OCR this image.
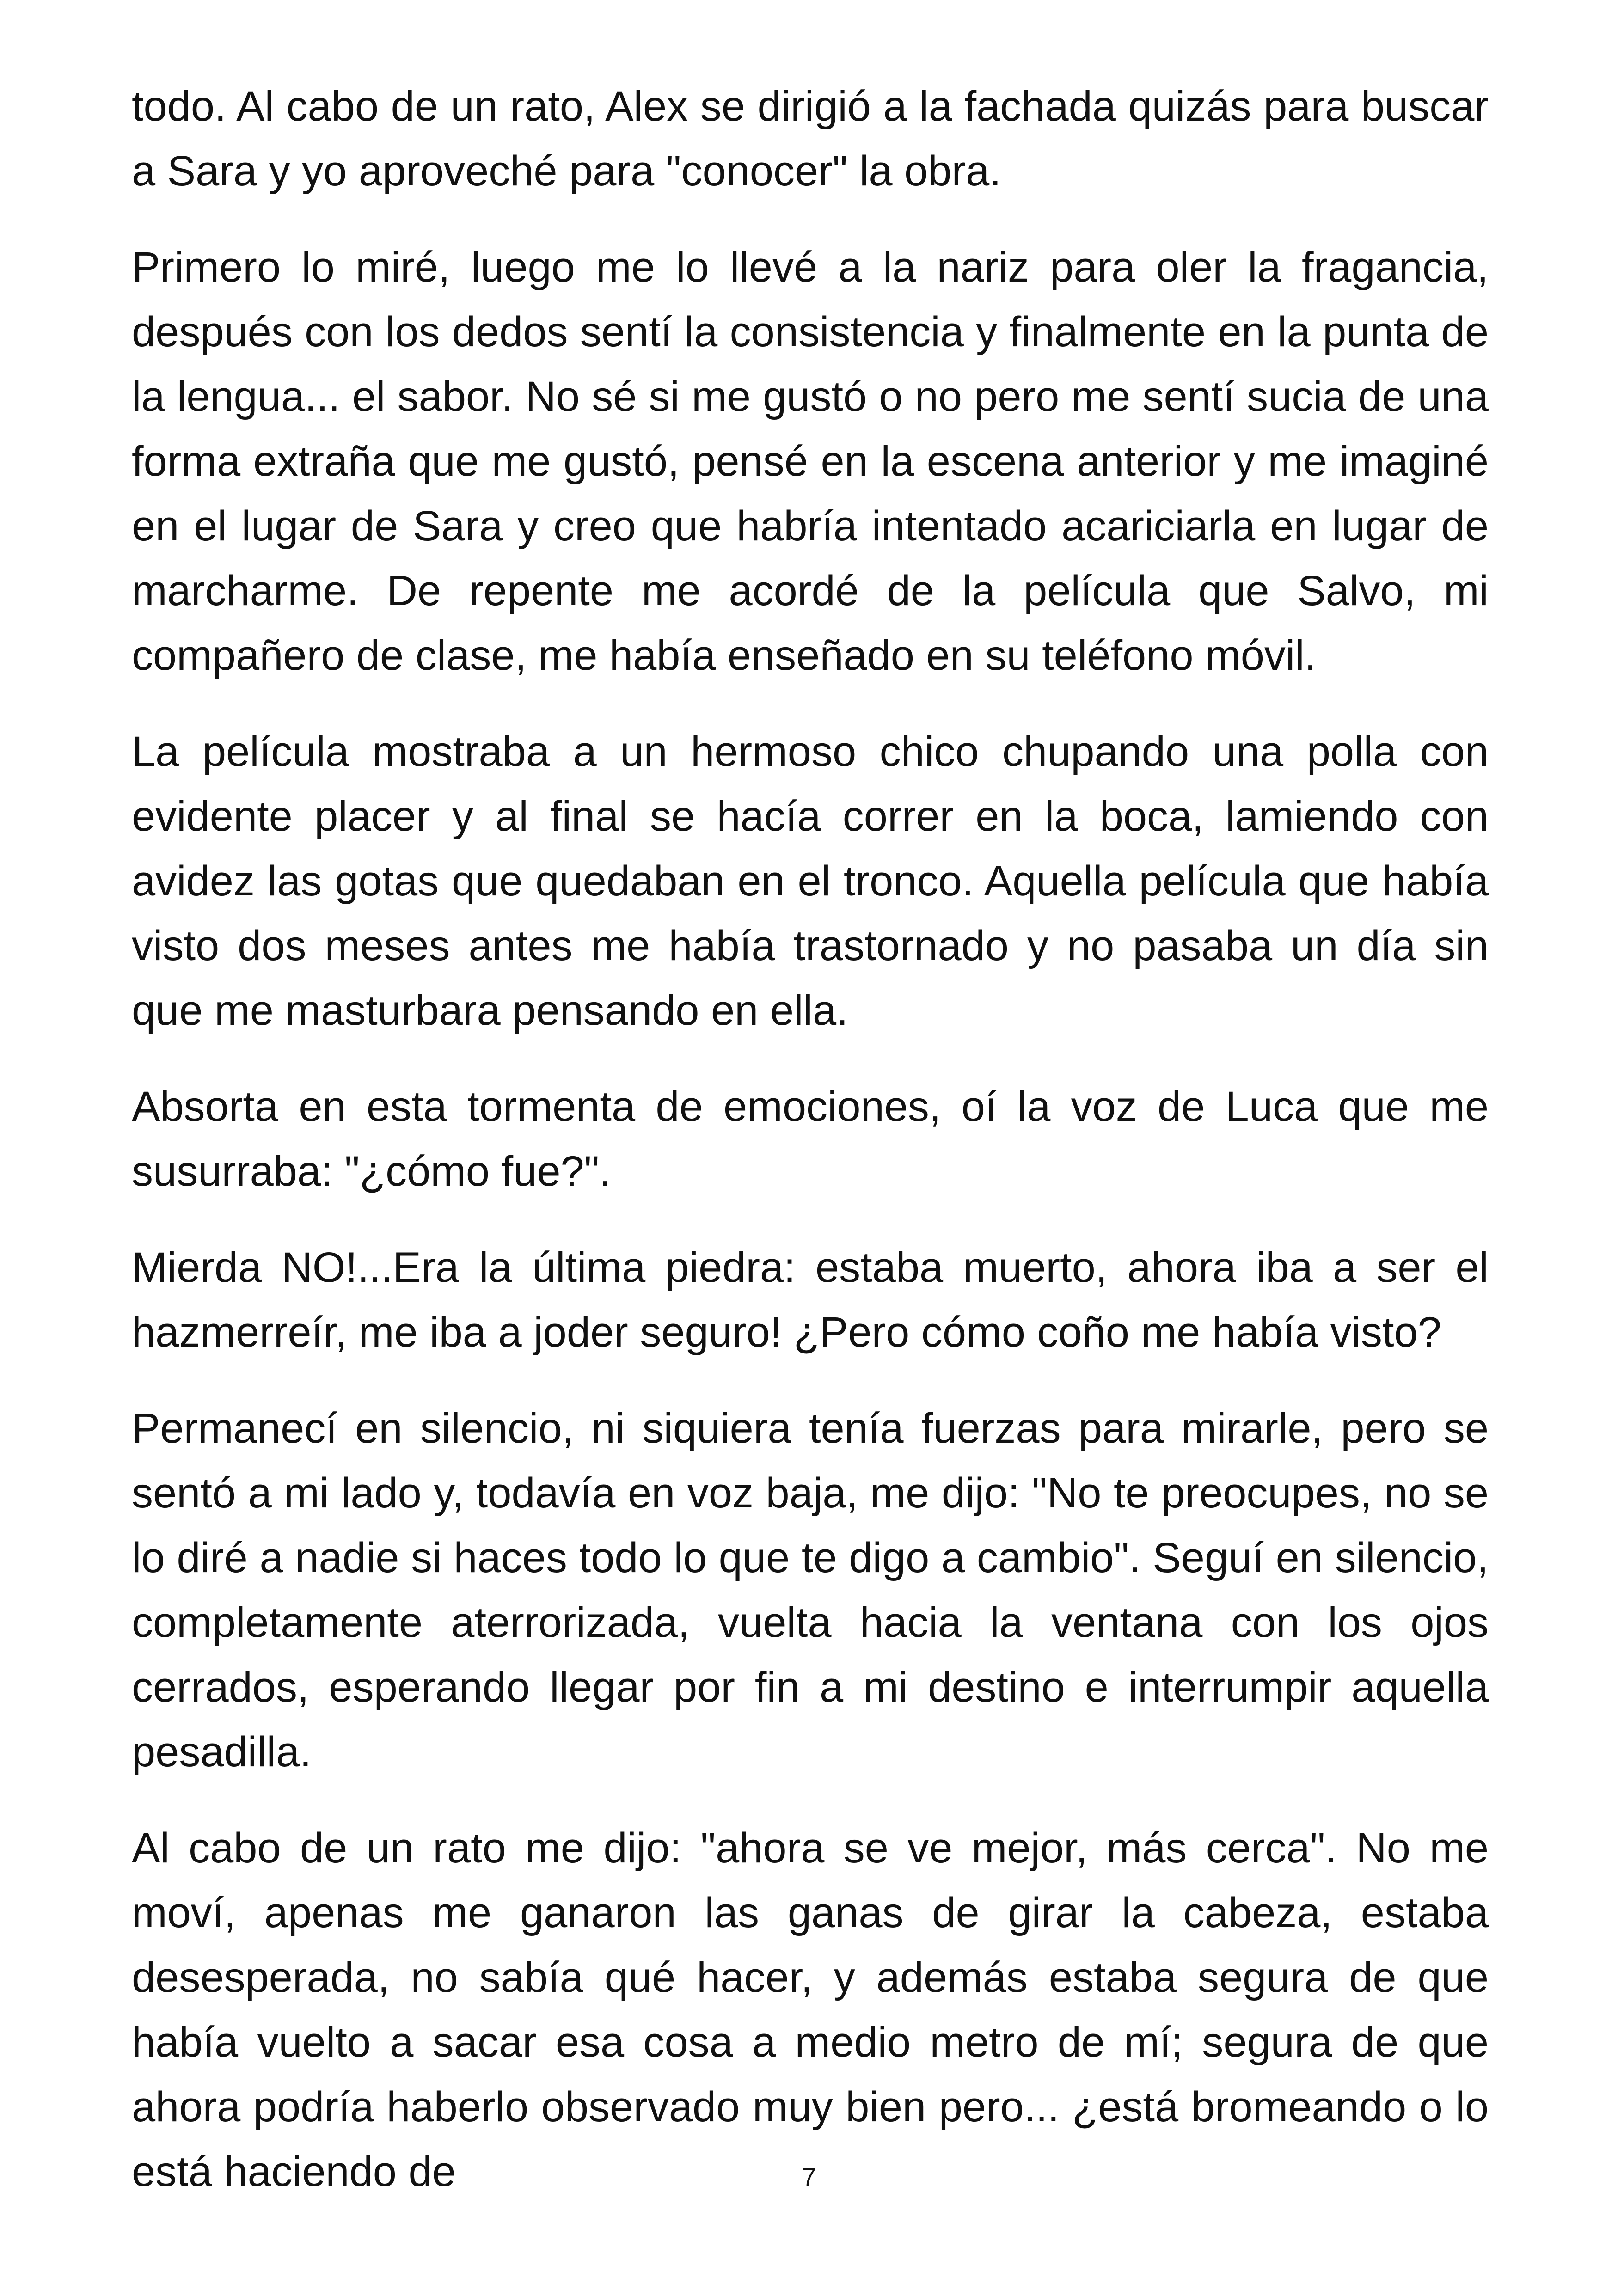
todo. Al cabo de un rato, Alex se dirigió a la fachada quizás para buscar a Sara y yo aproveché para "conocer" la obra.

Primero lo miré, luego me lo llevé a la nariz para oler la fragancia, después con los dedos sentí la consistencia y finalmente en la punta de la lengua... el sabor. No sé si me gustó o no pero me sentí sucia de una forma extraña que me gustó, pensé en la escena anterior y me imaginé en el lugar de Sara y creo que habría intentado acariciarla en lugar de marcharme. De repente me acordé de la película que Salvo, mi compañero de clase, me había enseñado en su teléfono móvil.

La película mostraba a un hermoso chico chupando una polla con evidente placer y al final se hacía correr en la boca, lamiendo con avidez las gotas que quedaban en el tronco. Aquella película que había visto dos meses antes me había trastornado y no pasaba un día sin que me masturbara pensando en ella.

Absorta en esta tormenta de emociones, oí la voz de Luca que me susurraba: "¿cómo fue?".

Mierda NO!...Era la última piedra: estaba muerto, ahora iba a ser el hazmerreír, me iba a joder seguro! ¿Pero cómo coño me había visto?

Permanecí en silencio, ni siquiera tenía fuerzas para mirarle, pero se sentó a mi lado y, todavía en voz baja, me dijo: "No te preocupes, no se lo diré a nadie si haces todo lo que te digo a cambio". Seguí en silencio, completamente aterrorizada, vuelta hacia la ventana con los ojos cerrados, esperando llegar por fin a mi destino e interrumpir aquella pesadilla.

Al cabo de un rato me dijo: "ahora se ve mejor, más cerca". No me moví, apenas me ganaron las ganas de girar la cabeza, estaba desesperada, no sabía qué hacer, y además estaba segura de que había vuelto a sacar esa cosa a medio metro de mí; segura de que ahora podría haberlo observado muy bien pero... ¿está bromeando o lo está haciendo de	7
